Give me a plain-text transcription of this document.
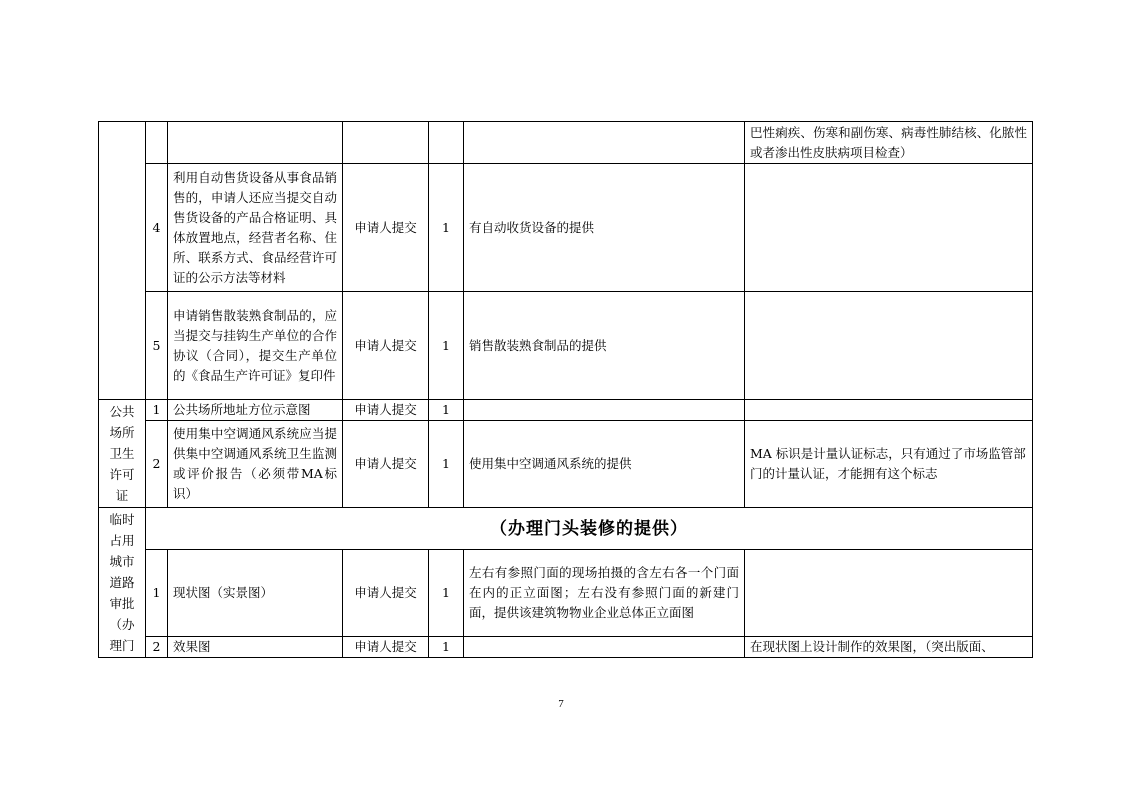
						巴性痢疾、伤寒和副伤寒、病毒性肺结核、化脓性或者渗出性皮肤病项目检查）
	4	利用自动售货设备从事食品销售的，申请人还应当提交自动售货设备的产品合格证明、具体放置地点，经营者名称、住所、联系方式、食品经营许可证的公示方法等材料	申请人提交	1	有自动收货设备的提供	
	5	申请销售散装熟食制品的，应当提交与挂钩生产单位的合作协议（合同），提交生产单位的《食品生产许可证》复印件	申请人提交	1	销售散装熟食制品的提供	
公共场所卫生许可证	1	公共场所地址方位示意图	申请人提交	1		
	2	使用集中空调通风系统应当提供集中空调通风系统卫生监测或评价报告（必须带MA标识）	申请人提交	1	使用集中空调通风系统的提供	MA 标识是计量认证标志，只有通过了市场监管部门的计量认证，才能拥有这个标志
临时占用城市道路审批（办理门	（办理门头装修的提供）					
	1	现状图（实景图）	申请人提交	1	左右有参照门面的现场拍摄的含左右各一个门面在内的正立面图；左右没有参照门面的新建门面，提供该建筑物物业企业总体正立面图	
	2	效果图	申请人提交	1		在现状图上设计制作的效果图，（突出版面、
7
